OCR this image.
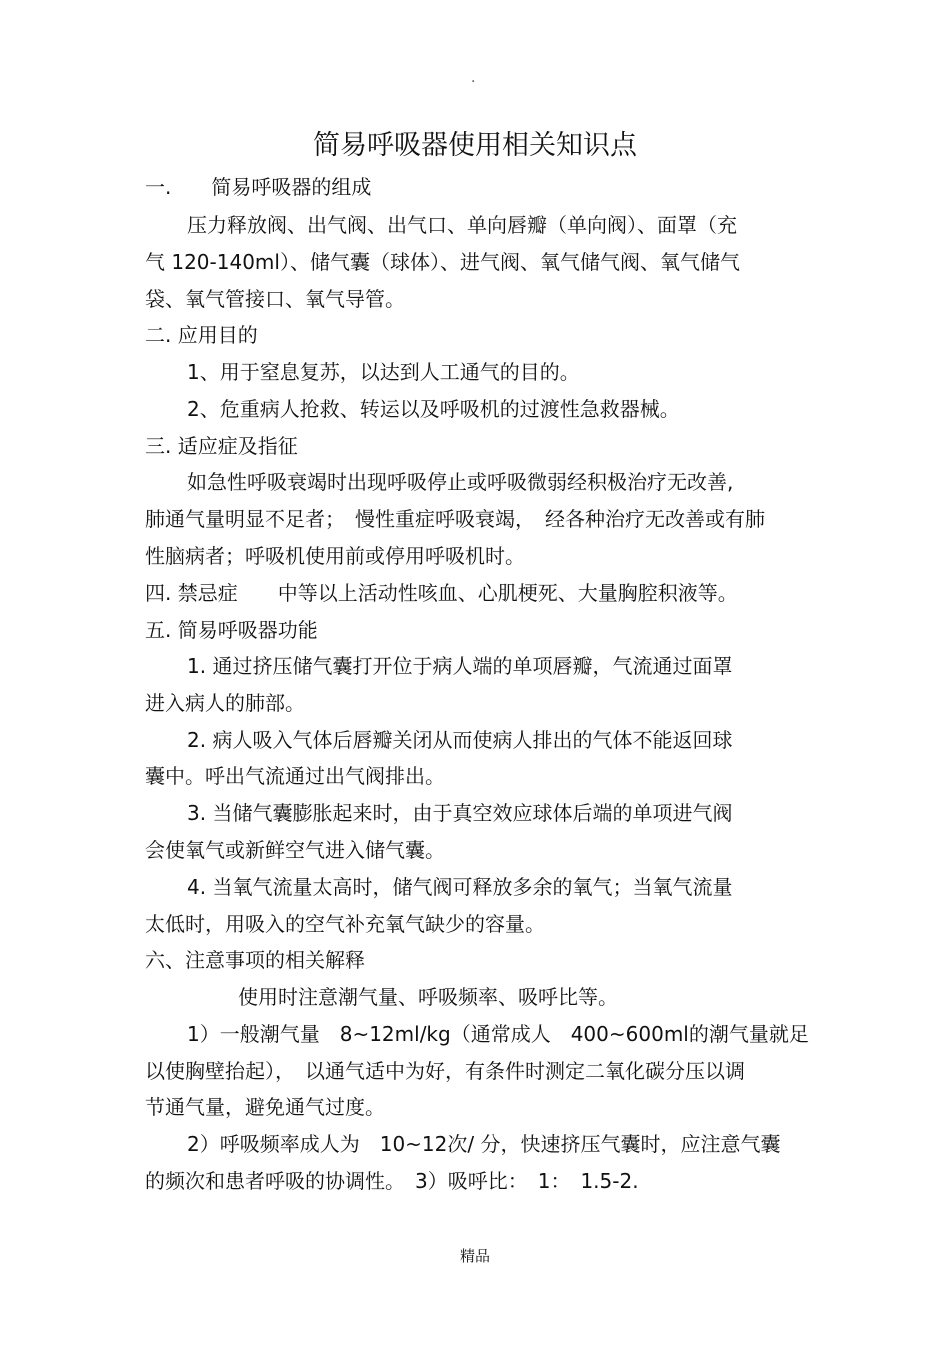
.
简易呼吸器使用相关知识点
一.　　简易呼吸器的组成
压力释放阀、出气阀、出气口、单向唇瓣（单向阀）、面罩（充
气 120-140ml）、储气囊（球体）、进气阀、氧气储气阀、氧气储气
袋、氧气管接口、氧气导管。
二. 应用目的
1、用于窒息复苏，以达到人工通气的目的。
2、危重病人抢救、转运以及呼吸机的过渡性急救器械。
三. 适应症及指征
如急性呼吸衰竭时出现呼吸停止或呼吸微弱经积极治疗无改善,
肺通气量明显不足者；　慢性重症呼吸衰竭，　经各种治疗无改善或有肺
性脑病者；呼吸机使用前或停用呼吸机时。
四. 禁忌症　　中等以上活动性咳血、心肌梗死、大量胸腔积液等。
五. 简易呼吸器功能
1. 通过挤压储气囊打开位于病人端的单项唇瓣，气流通过面罩
进入病人的肺部。
2. 病人吸入气体后唇瓣关闭从而使病人排出的气体不能返回球
囊中。呼出气流通过出气阀排出。
3. 当储气囊膨胀起来时，由于真空效应球体后端的单项进气阀
会使氧气或新鲜空气进入储气囊。
4. 当氧气流量太高时，储气阀可释放多余的氧气；当氧气流量
太低时，用吸入的空气补充氧气缺少的容量。
六、注意事项的相关解释
使用时注意潮气量、呼吸频率、吸呼比等。
1）一般潮气量　8~12ml/kg（通常成人　400~600ml的潮气量就足
以使胸壁抬起），　以通气适中为好，有条件时测定二氧化碳分压以调
节通气量，避免通气过度。
2）呼吸频率成人为　10~12次/ 分，快速挤压气囊时，应注意气囊
的频次和患者呼吸的协调性。　3）吸呼比：　1：　1.5-2.
精品
